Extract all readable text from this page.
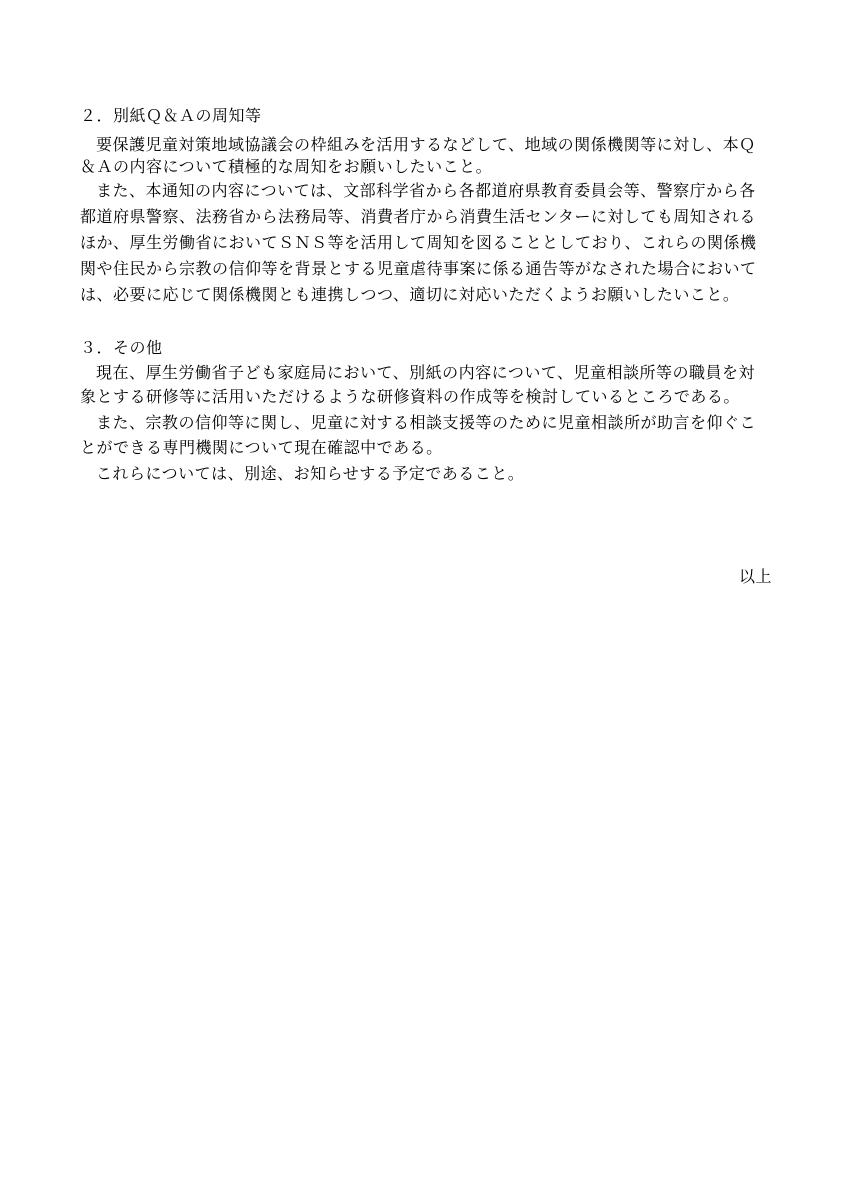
２．別紙Ｑ＆Ａの周知等
要保護児童対策地域協議会の枠組みを活用するなどして、地域の関係機関等に対し、本Ｑ
＆Ａの内容について積極的な周知をお願いしたいこと。
また、本通知の内容については、文部科学省から各都道府県教育委員会等、警察庁から各
都道府県警察、法務省から法務局等、消費者庁から消費生活センターに対しても周知される
ほか、厚生労働省においてＳＮＳ等を活用して周知を図ることとしており、これらの関係機
関や住民から宗教の信仰等を背景とする児童虐待事案に係る通告等がなされた場合において
は、必要に応じて関係機関とも連携しつつ、適切に対応いただくようお願いしたいこと。
３．その他
現在、厚生労働省子ども家庭局において、別紙の内容について、児童相談所等の職員を対
象とする研修等に活用いただけるような研修資料の作成等を検討しているところである。
また、宗教の信仰等に関し、児童に対する相談支援等のために児童相談所が助言を仰ぐこ
とができる専門機関について現在確認中である。
これらについては、別途、お知らせする予定であること。
以上
